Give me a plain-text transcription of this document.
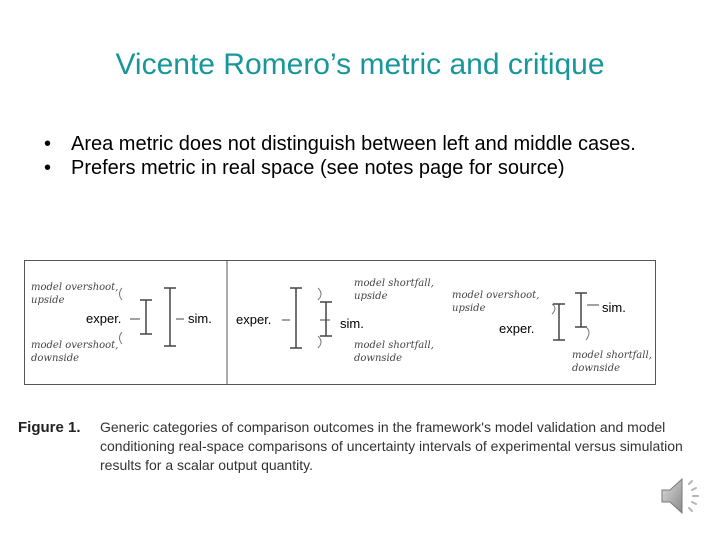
Vicente Romero’s metric and critique
• Area metric does not distinguish between left and middle cases.
• Prefers metric in real space (see notes page for source)
model overshoot,
upside
model overshoot,
downside
exper.	sim. exper.	sim.
model shortfall,
upside
model shortfall,
downside
model overshoot,
upside
exper.
sim.
model shortfall,
downside
Figure 1. Generic categories of comparison outcomes in the framework's model validation and model conditioning real-space comparisons of uncertainty intervals of experimental versus simulation results for a scalar output quantity.
